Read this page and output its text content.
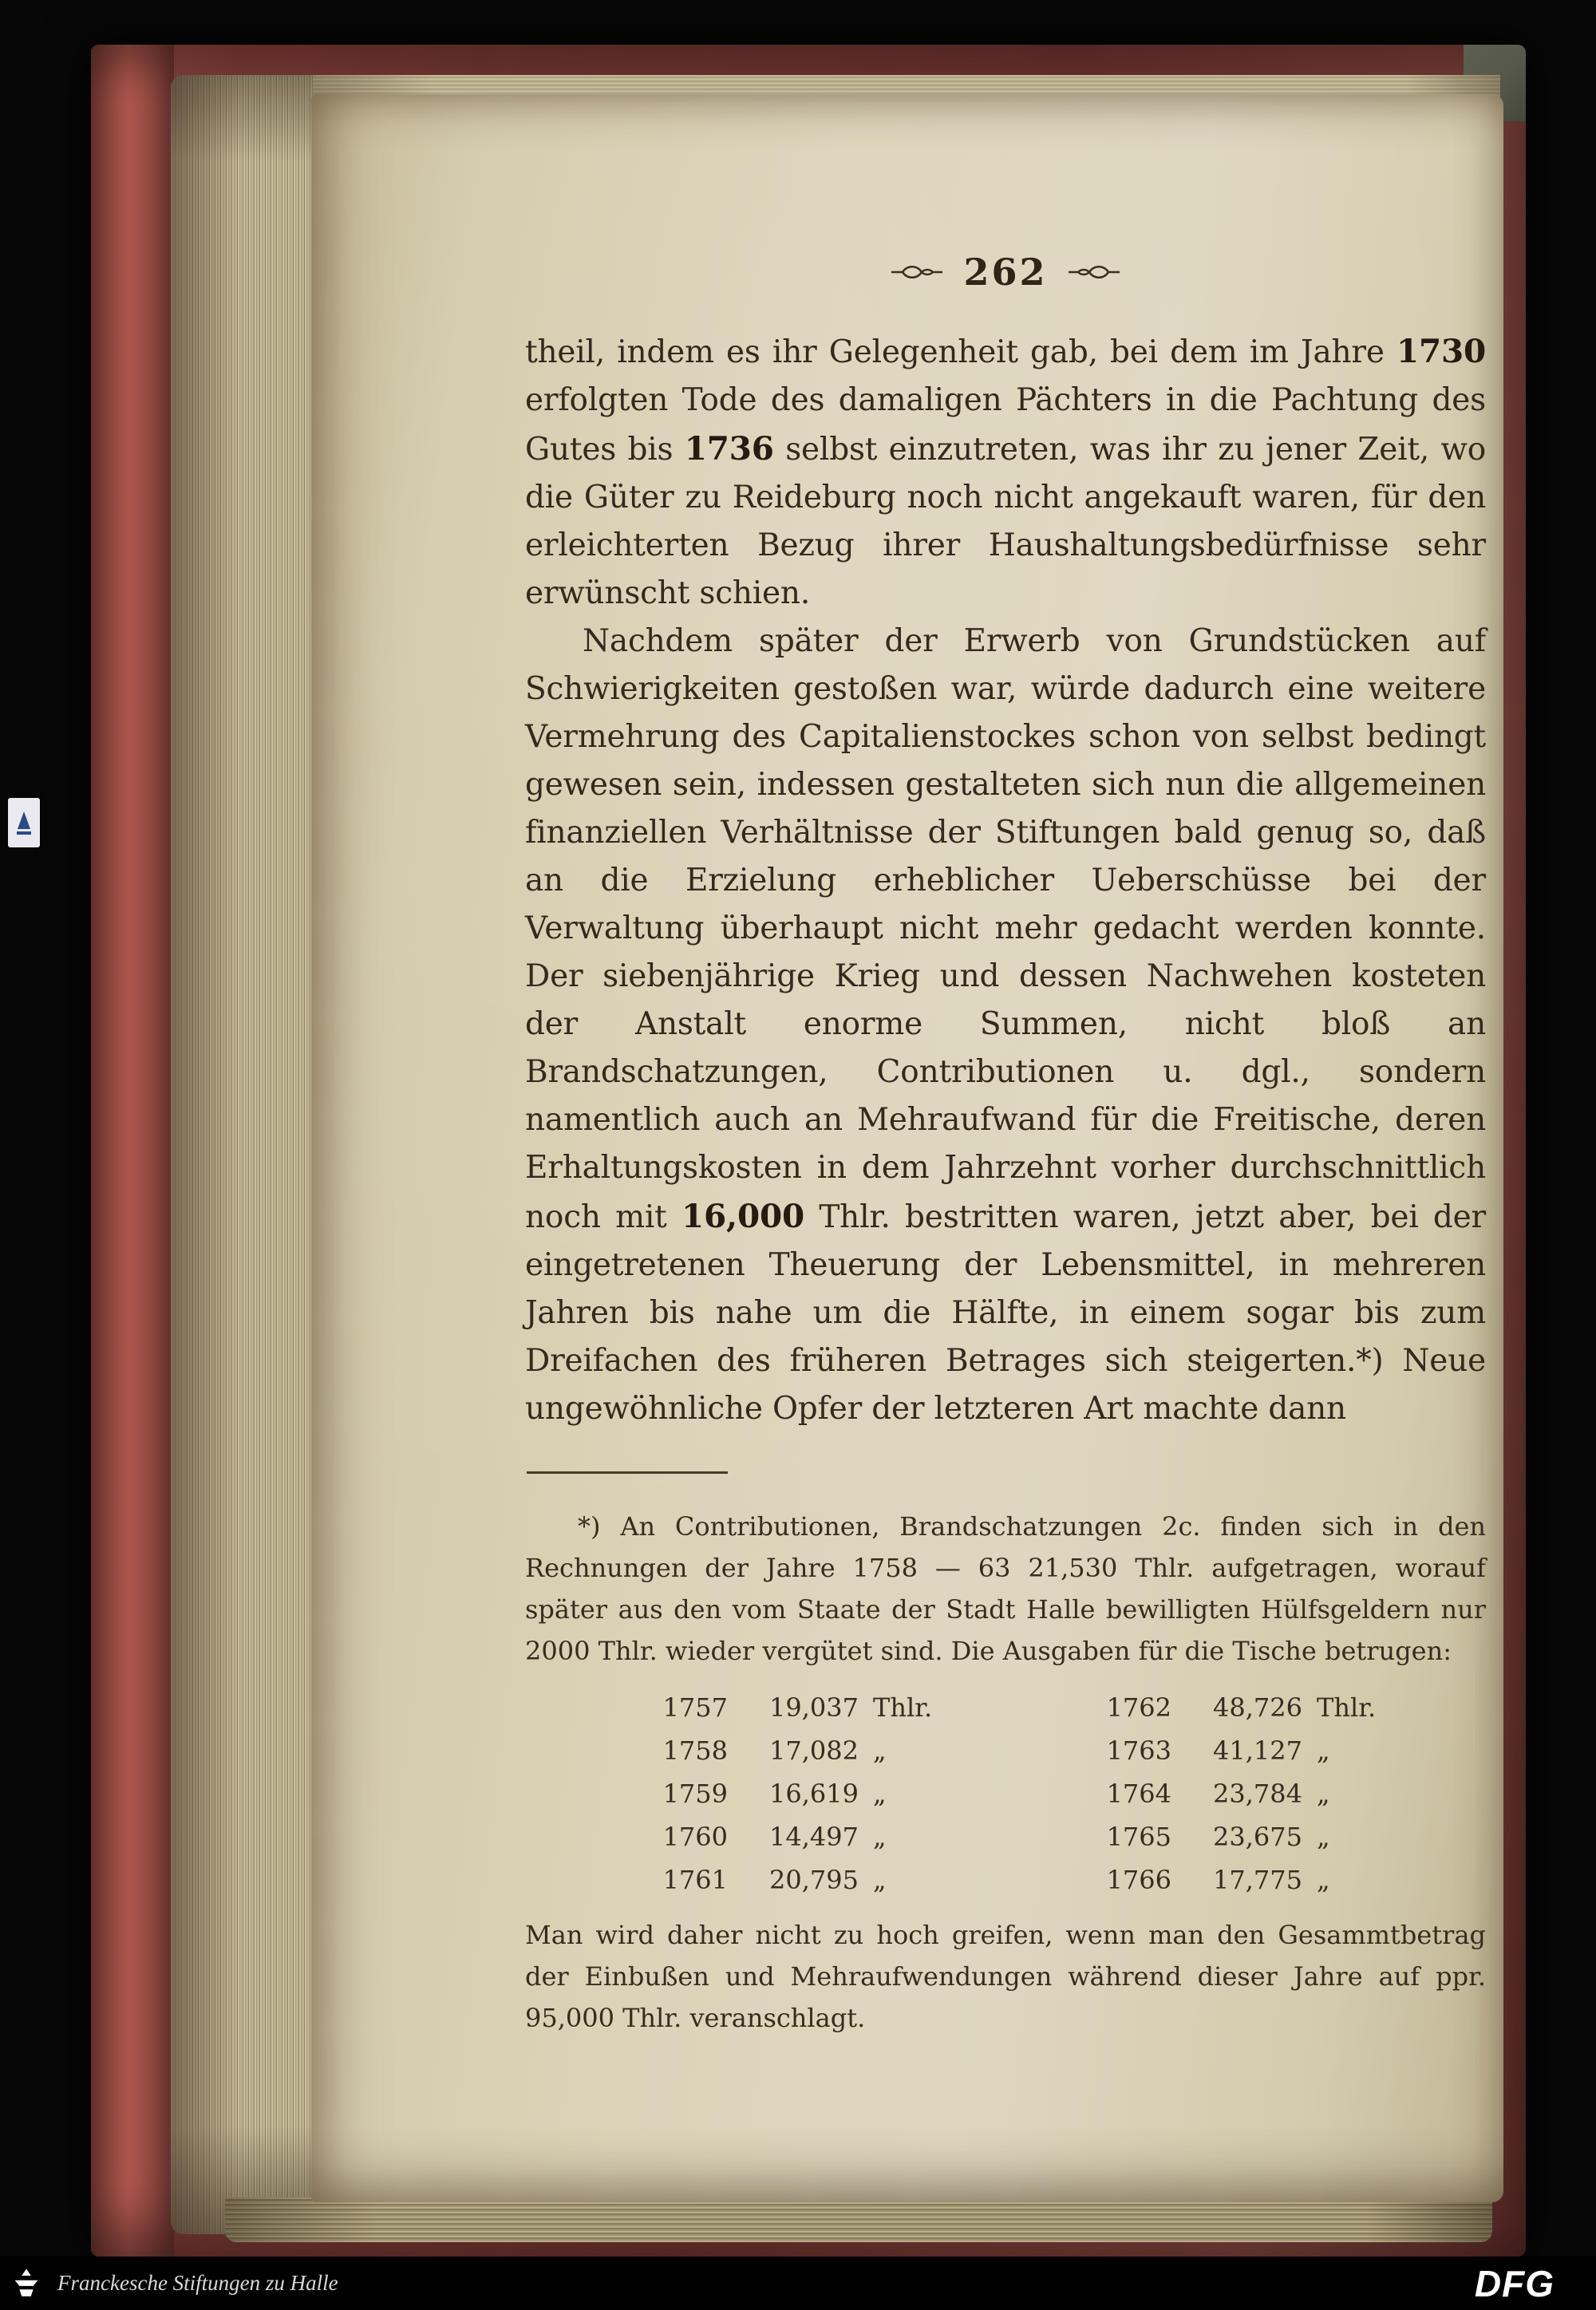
262

theil, indem es ihr Gelegenheit gab, bei dem im Jahre 1730 erfolgten Tode des damaligen Pächters in die Pachtung des Gutes bis 1736 selbst einzutreten, was ihr zu jener Zeit, wo die Güter zu Reideburg noch nicht angekauft waren, für den erleichterten Bezug ihrer Haushaltungsbedürfnisse sehr erwünscht schien.

Nachdem später der Erwerb von Grundstücken auf Schwierigkeiten gestoßen war, würde dadurch eine weitere Vermehrung des Capitalienstockes schon von selbst bedingt gewesen sein, indessen gestalteten sich nun die allgemeinen finanziellen Verhältnisse der Stiftungen bald genug so, daß an die Erzielung erheblicher Ueberschüsse bei der Verwaltung überhaupt nicht mehr gedacht werden konnte. Der siebenjährige Krieg und dessen Nachwehen kosteten der Anstalt enorme Summen, nicht bloß an Brandschatzungen, Contributionen u. dgl., sondern namentlich auch an Mehraufwand für die Freitische, deren Erhaltungskosten in dem Jahrzehnt vorher durchschnittlich noch mit 16,000 Thlr. bestritten waren, jetzt aber, bei der eingetretenen Theuerung der Lebensmittel, in mehreren Jahren bis nahe um die Hälfte, in einem sogar bis zum Dreifachen des früheren Betrages sich steigerten.*) Neue ungewöhnliche Opfer der letzteren Art machte dann

*) An Contributionen, Brandschatzungen 2c. finden sich in den Rechnungen der Jahre 1758 — 63 21,530 Thlr. aufgetragen, worauf später aus den vom Staate der Stadt Halle bewilligten Hülfsgeldern nur 2000 Thlr. wieder vergütet sind. Die Ausgaben für die Tische betrugen:

1757	19,037 Thlr.	1762	48,726 Thlr.
1758	17,082 „	1763	41,127 „
1759	16,619 „	1764	23,784 „
1760	14,497 „	1765	23,675 „
1761	20,795 „	1766	17,775 „

Man wird daher nicht zu hoch greifen, wenn man den Gesammtbetrag der Einbußen und Mehraufwendungen während dieser Jahre auf ppr. 95,000 Thlr. veranschlagt.

Franckesche Stiftungen zu Halle	DFG
